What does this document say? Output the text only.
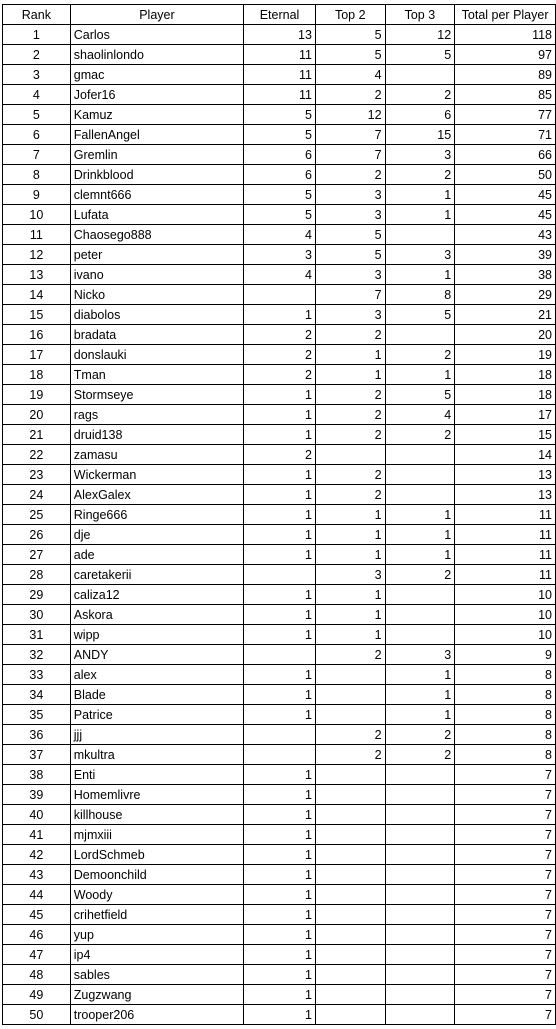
Rank	Player	Eternal	Top 2	Top 3	Total per Player
1	Carlos	13	5	12	118
2	shaolinlondo	11	5	5	97
3	gmac	11	4		89
4	Jofer16	11	2	2	85
5	Kamuz	5	12	6	77
6	FallenAngel	5	7	15	71
7	Gremlin	6	7	3	66
8	Drinkblood	6	2	2	50
9	clemnt666	5	3	1	45
10	Lufata	5	3	1	45
11	Chaosego888	4	5		43
12	peter	3	5	3	39
13	ivano	4	3	1	38
14	Nicko		7	8	29
15	diabolos	1	3	5	21
16	bradata	2	2		20
17	donslauki	2	1	2	19
18	Tman	2	1	1	18
19	Stormseye	1	2	5	18
20	rags	1	2	4	17
21	druid138	1	2	2	15
22	zamasu	2			14
23	Wickerman	1	2		13
24	AlexGalex	1	2		13
25	Ringe666	1	1	1	11
26	dje	1	1	1	11
27	ade	1	1	1	11
28	caretakerii		3	2	11
29	caliza12	1	1		10
30	Askora	1	1		10
31	wipp	1	1		10
32	ANDY		2	3	9
33	alex	1		1	8
34	Blade	1		1	8
35	Patrice	1		1	8
36	jjj		2	2	8
37	mkultra		2	2	8
38	Enti	1			7
39	Homemlivre	1			7
40	killhouse	1			7
41	mjmxiii	1			7
42	LordSchmeb	1			7
43	Demoonchild	1			7
44	Woody	1			7
45	crihetfield	1			7
46	yup	1			7
47	ip4	1			7
48	sables	1			7
49	Zugzwang	1			7
50	trooper206	1			7
